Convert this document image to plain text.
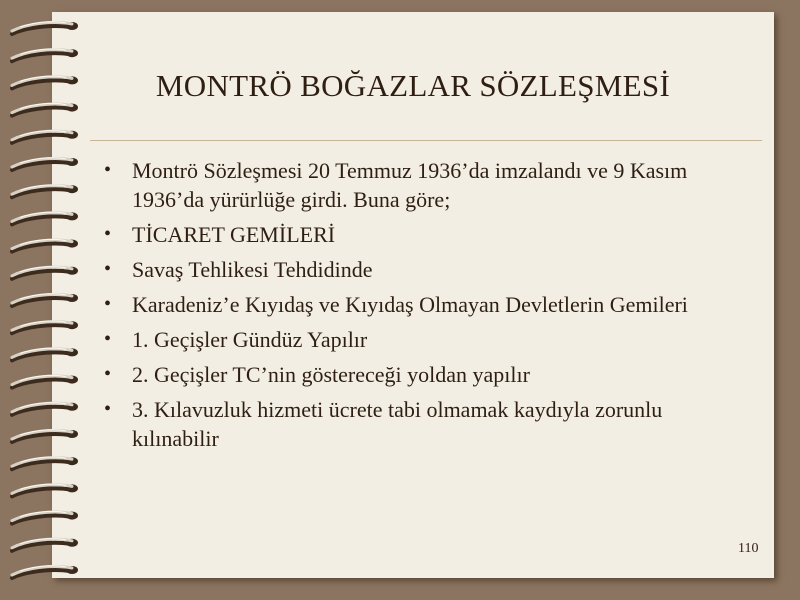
MONTRÖ BOĞAZLAR SÖZLEŞMESİ
• Montrö Sözleşmesi 20 Temmuz 1936’da imzalandı ve 9 Kasım 1936’da yürürlüğe girdi. Buna göre;
• TİCARET GEMİLERİ
• Savaş Tehlikesi Tehdidinde
• Karadeniz’e Kıyıdaş ve Kıyıdaş Olmayan Devletlerin Gemileri
• 1. Geçişler Gündüz Yapılır
• 2. Geçişler TC’nin göstereceği yoldan yapılır
• 3. Kılavuzluk hizmeti ücrete tabi olmamak kaydıyla zorunlu kılınabilir
110
